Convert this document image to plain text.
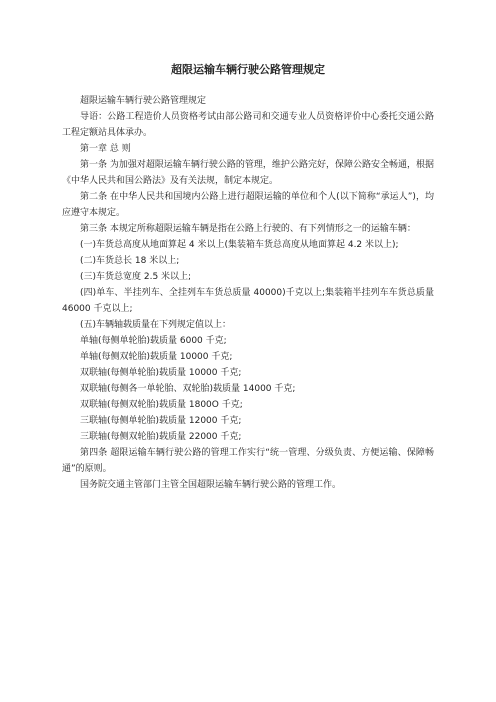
超限运输车辆行驶公路管理规定

超限运输车辆行驶公路管理规定

导语：公路工程造价人员资格考试由部公路司和交通专业人员资格评价中心委托交通公路工程定额站具体承办。

第一章 总 则

第一条 为加强对超限运输车辆行驶公路的管理，维护公路完好，保障公路安全畅通，根据《中华人民共和国公路法》及有关法规，制定本规定。

第二条 在中华人民共和国境内公路上进行超限运输的单位和个人(以下简称“承运人”)，均应遵守本规定。

第三条 本规定所称超限运输车辆是指在公路上行驶的、有下列情形之一的运输车辆：

(一)车货总高度从地面算起 4 米以上(集装箱车货总高度从地面算起 4.2 米以上);

(二)车货总长 18 米以上;

(三)车货总宽度 2.5 米以上;

(四)单车、半挂列车、全挂列车车货总质量 40000)千克以上;集装箱半挂列车车货总质量 46000 千克以上;

(五)车辆轴载质量在下列规定值以上：

单轴(每侧单轮胎)载质量 6000 千克;

单轴(每侧双轮胎)载质量 10000 千克;

双联轴(每侧单轮胎)载质量 10000 千克;

双联轴(每侧各一单轮胎、双轮胎)载质量 14000 千克;

双联轴(每侧双轮胎)载质量 1800O 千克;

三联轴(每侧单轮胎)载质量 12000 千克;

三联轴(每侧双轮胎)载质量 22000 千克;

第四条 超限运输车辆行驶公路的管理工作实行“统一管理、分级负责、方便运输、保障畅通”的原则。

国务院交通主管部门主管全国超限运输车辆行驶公路的管理工作。
